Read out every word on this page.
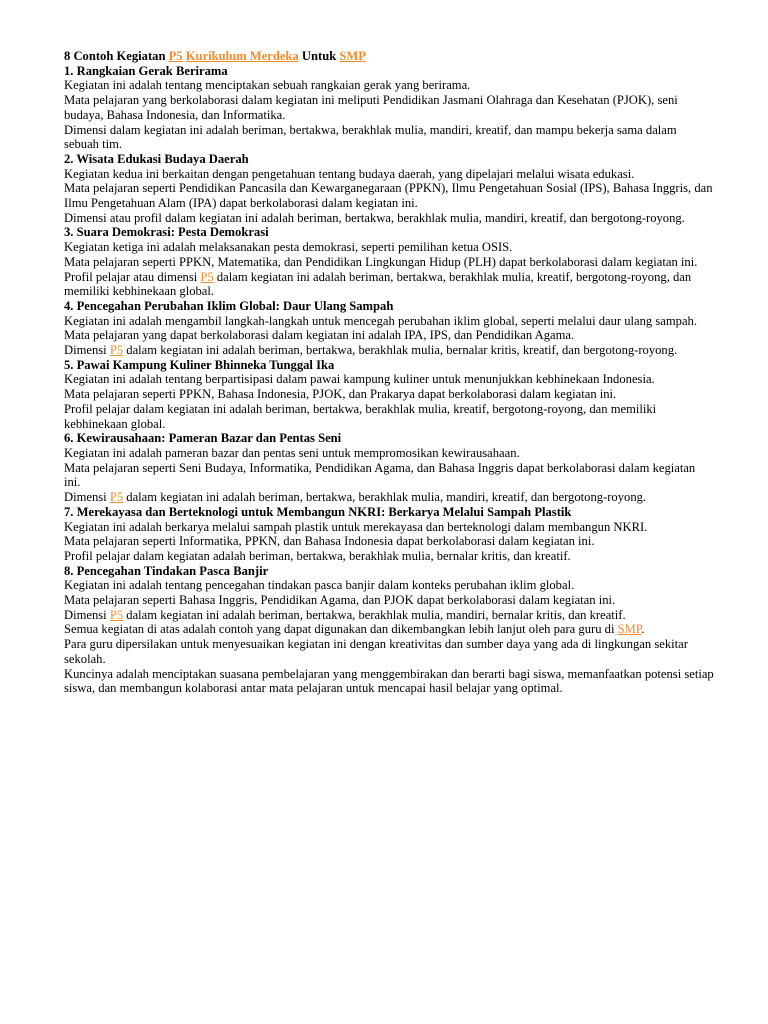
8 Contoh Kegiatan P5 Kurikulum Merdeka Untuk SMP

1. Rangkaian Gerak Berirama

Kegiatan ini adalah tentang menciptakan sebuah rangkaian gerak yang berirama.

Mata pelajaran yang berkolaborasi dalam kegiatan ini meliputi Pendidikan Jasmani Olahraga dan Kesehatan (PJOK), seni budaya, Bahasa Indonesia, dan Informatika.

Dimensi dalam kegiatan ini adalah beriman, bertakwa, berakhlak mulia, mandiri, kreatif, dan mampu bekerja sama dalam sebuah tim.

2. Wisata Edukasi Budaya Daerah

Kegiatan kedua ini berkaitan dengan pengetahuan tentang budaya daerah, yang dipelajari melalui wisata edukasi.

Mata pelajaran seperti Pendidikan Pancasila dan Kewarganegaraan (PPKN), Ilmu Pengetahuan Sosial (IPS), Bahasa Inggris, dan Ilmu Pengetahuan Alam (IPA) dapat berkolaborasi dalam kegiatan ini.

Dimensi atau profil dalam kegiatan ini adalah beriman, bertakwa, berakhlak mulia, mandiri, kreatif, dan bergotong-royong.

3. Suara Demokrasi: Pesta Demokrasi

Kegiatan ketiga ini adalah melaksanakan pesta demokrasi, seperti pemilihan ketua OSIS.

Mata pelajaran seperti PPKN, Matematika, dan Pendidikan Lingkungan Hidup (PLH) dapat berkolaborasi dalam kegiatan ini.

Profil pelajar atau dimensi P5 dalam kegiatan ini adalah beriman, bertakwa, berakhlak mulia, kreatif, bergotong-royong, dan memiliki kebhinekaan global.

4. Pencegahan Perubahan Iklim Global: Daur Ulang Sampah

Kegiatan ini adalah mengambil langkah-langkah untuk mencegah perubahan iklim global, seperti melalui daur ulang sampah.

Mata pelajaran yang dapat berkolaborasi dalam kegiatan ini adalah IPA, IPS, dan Pendidikan Agama.

Dimensi P5 dalam kegiatan ini adalah beriman, bertakwa, berakhlak mulia, bernalar kritis, kreatif, dan bergotong-royong.

5. Pawai Kampung Kuliner Bhinneka Tunggal Ika

Kegiatan ini adalah tentang berpartisipasi dalam pawai kampung kuliner untuk menunjukkan kebhinekaan Indonesia.

Mata pelajaran seperti PPKN, Bahasa Indonesia, PJOK, dan Prakarya dapat berkolaborasi dalam kegiatan ini.

Profil pelajar dalam kegiatan ini adalah beriman, bertakwa, berakhlak mulia, kreatif, bergotong-royong, dan memiliki kebhinekaan global.

6. Kewirausahaan: Pameran Bazar dan Pentas Seni

Kegiatan ini adalah pameran bazar dan pentas seni untuk mempromosikan kewirausahaan.

Mata pelajaran seperti Seni Budaya, Informatika, Pendidikan Agama, dan Bahasa Inggris dapat berkolaborasi dalam kegiatan ini.

Dimensi P5 dalam kegiatan ini adalah beriman, bertakwa, berakhlak mulia, mandiri, kreatif, dan bergotong-royong.

7. Merekayasa dan Berteknologi untuk Membangun NKRI: Berkarya Melalui Sampah Plastik

Kegiatan ini adalah berkarya melalui sampah plastik untuk merekayasa dan berteknologi dalam membangun NKRI.

Mata pelajaran seperti Informatika, PPKN, dan Bahasa Indonesia dapat berkolaborasi dalam kegiatan ini.

Profil pelajar dalam kegiatan adalah beriman, bertakwa, berakhlak mulia, bernalar kritis, dan kreatif.

8. Pencegahan Tindakan Pasca Banjir

Kegiatan ini adalah tentang pencegahan tindakan pasca banjir dalam konteks perubahan iklim global.

Mata pelajaran seperti Bahasa Inggris, Pendidikan Agama, dan PJOK dapat berkolaborasi dalam kegiatan ini.

Dimensi P5 dalam kegiatan ini adalah beriman, bertakwa, berakhlak mulia, mandiri, bernalar kritis, dan kreatif.

Semua kegiatan di atas adalah contoh yang dapat digunakan dan dikembangkan lebih lanjut oleh para guru di SMP.

Para guru dipersilakan untuk menyesuaikan kegiatan ini dengan kreativitas dan sumber daya yang ada di lingkungan sekitar sekolah.

Kuncinya adalah menciptakan suasana pembelajaran yang menggembirakan dan berarti bagi siswa, memanfaatkan potensi setiap siswa, dan membangun kolaborasi antar mata pelajaran untuk mencapai hasil belajar yang optimal.
